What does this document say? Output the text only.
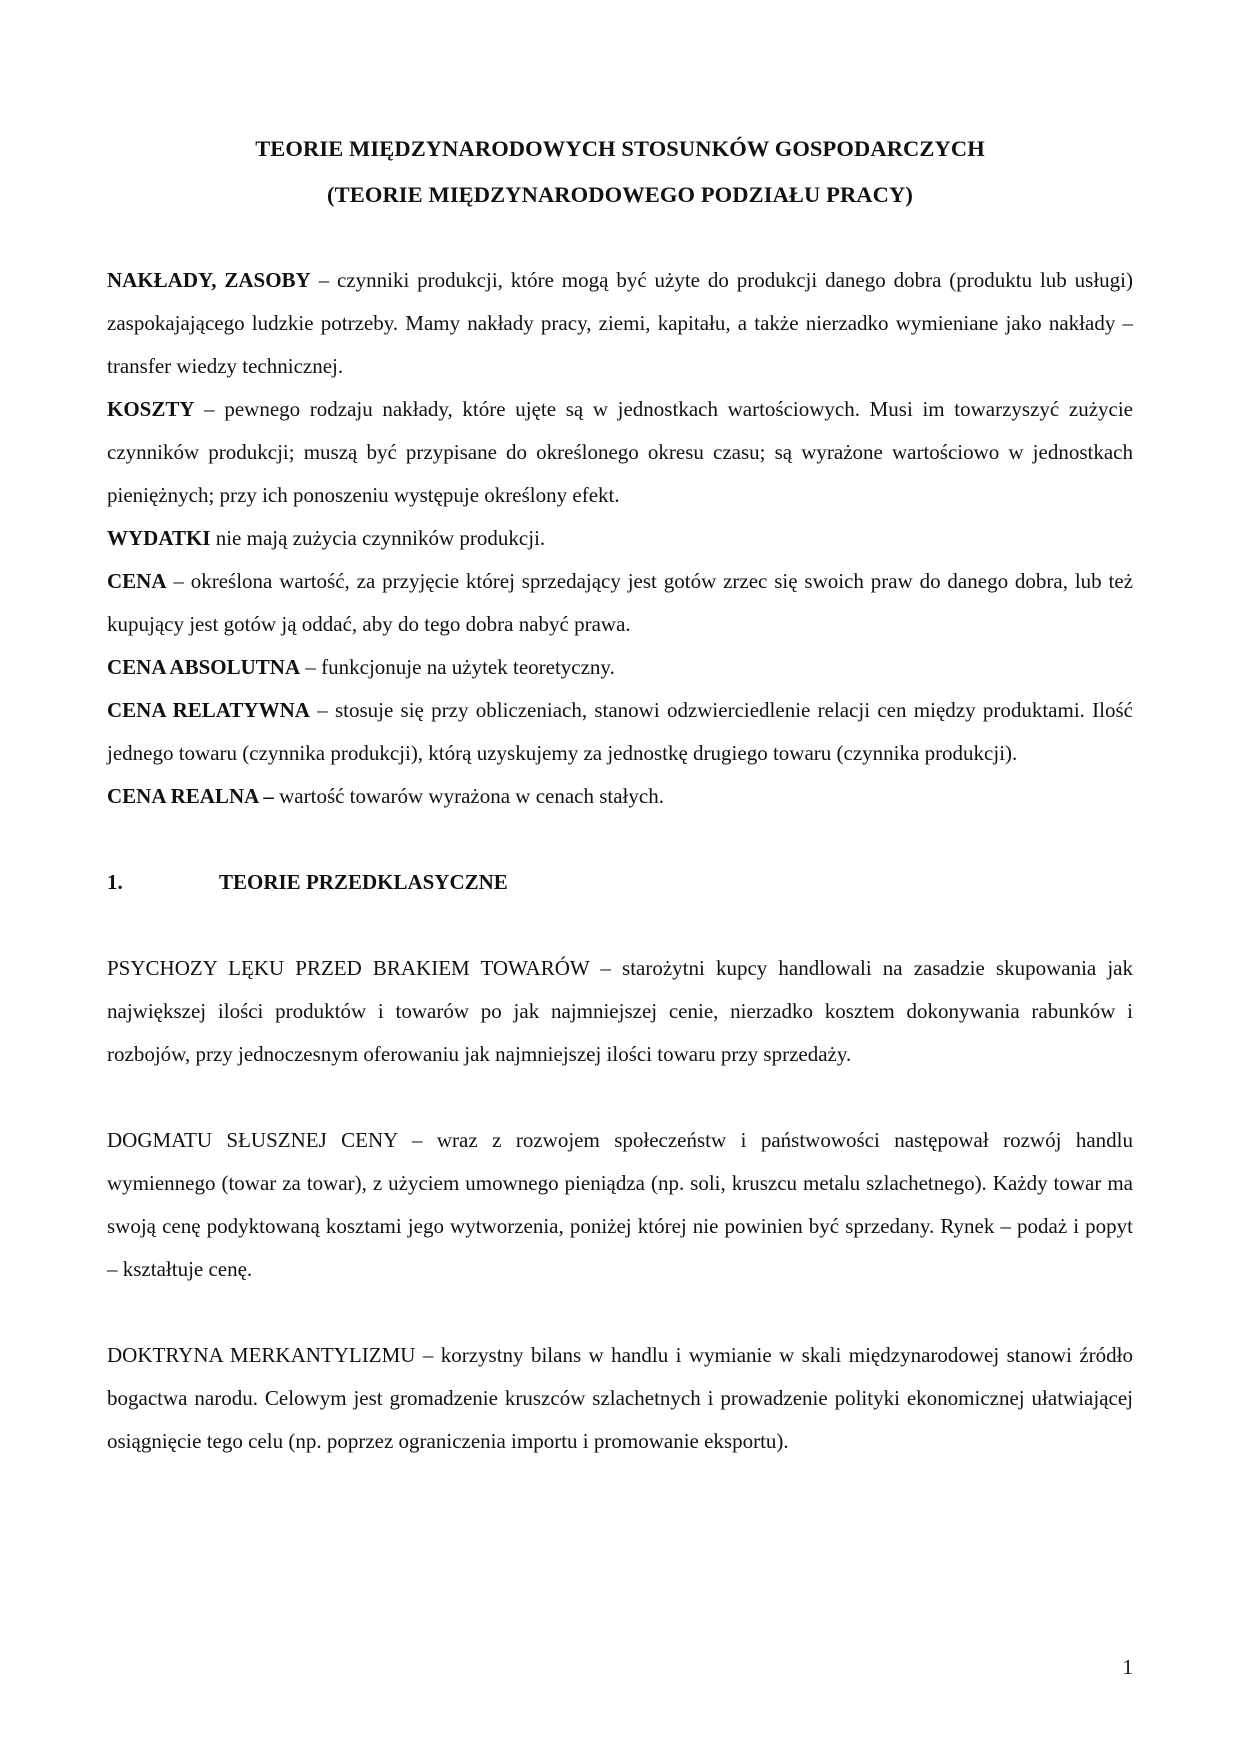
TEORIE MIĘDZYNARODOWYCH STOSUNKÓW GOSPODARCZYCH

(TEORIE MIĘDZYNARODOWEGO PODZIAŁU PRACY)

NAKŁADY, ZASOBY – czynniki produkcji, które mogą być użyte do produkcji danego dobra (produktu lub usługi) zaspokajającego ludzkie potrzeby. Mamy nakłady pracy, ziemi, kapitału, a także nierzadko wymieniane jako nakłady – transfer wiedzy technicznej.

KOSZTY – pewnego rodzaju nakłady, które ujęte są w jednostkach wartościowych. Musi im towarzyszyć zużycie czynników produkcji; muszą być przypisane do określonego okresu czasu; są wyrażone wartościowo w jednostkach pieniężnych; przy ich ponoszeniu występuje określony efekt.

WYDATKI nie mają zużycia czynników produkcji.

CENA – określona wartość, za przyjęcie której sprzedający jest gotów zrzec się swoich praw do danego dobra, lub też kupujący jest gotów ją oddać, aby do tego dobra nabyć prawa.

CENA ABSOLUTNA – funkcjonuje na użytek teoretyczny.

CENA RELATYWNA – stosuje się przy obliczeniach, stanowi odzwierciedlenie relacji cen między produktami. Ilość jednego towaru (czynnika produkcji), którą uzyskujemy za jednostkę drugiego towaru (czynnika produkcji).

CENA REALNA – wartość towarów wyrażona w cenach stałych.

1.	TEORIE PRZEDKLASYCZNE

PSYCHOZY LĘKU PRZED BRAKIEM TOWARÓW – starożytni kupcy handlowali na zasadzie skupowania jak największej ilości produktów i towarów po jak najmniejszej cenie, nierzadko kosztem dokonywania rabunków i rozbojów, przy jednoczesnym oferowaniu jak najmniejszej ilości towaru przy sprzedaży.

DOGMATU SŁUSZNEJ CENY – wraz z rozwojem społeczeństw i państwowości następował rozwój handlu wymiennego (towar za towar), z użyciem umownego pieniądza (np. soli, kruszcu metalu szlachetnego). Każdy towar ma swoją cenę podyktowaną kosztami jego wytworzenia, poniżej której nie powinien być sprzedany. Rynek – podaż i popyt – kształtuje cenę.

DOKTRYNA MERKANTYLIZMU – korzystny bilans w handlu i wymianie w skali międzynarodowej stanowi źródło bogactwa narodu. Celowym jest gromadzenie kruszców szlachetnych i prowadzenie polityki ekonomicznej ułatwiającej osiągnięcie tego celu (np. poprzez ograniczenia importu i promowanie eksportu).

1
